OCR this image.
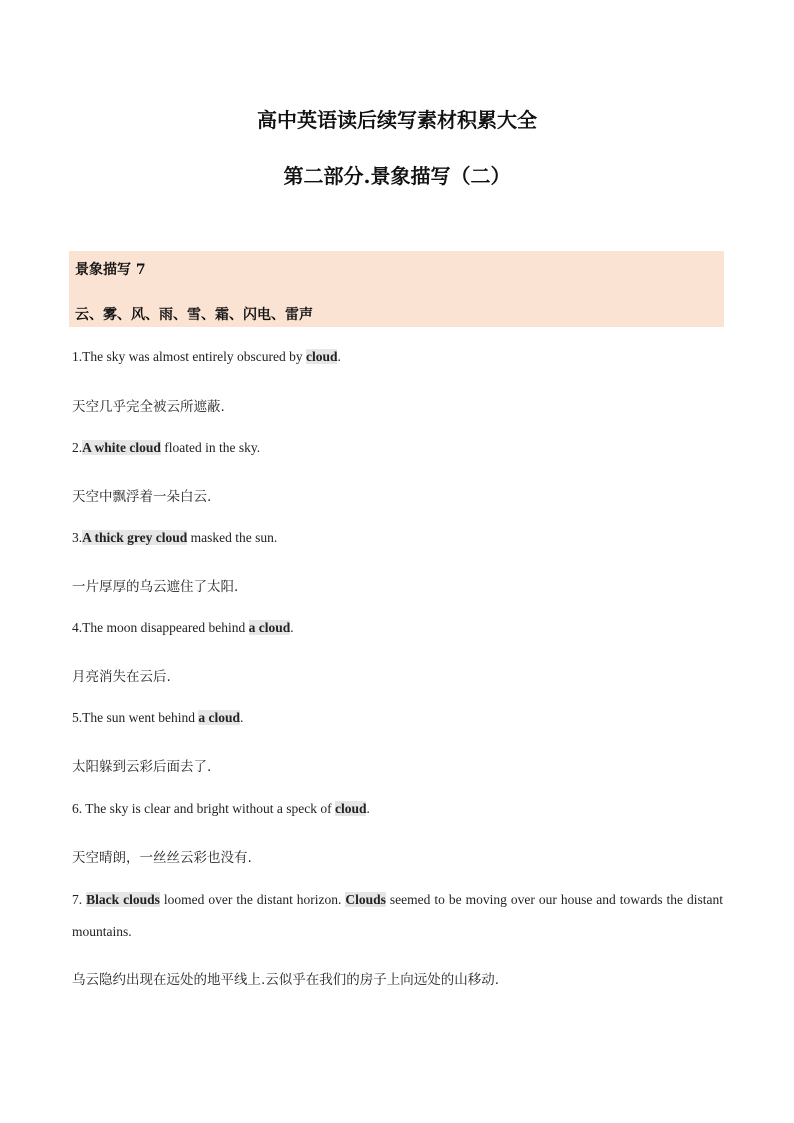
高中英语读后续写素材积累大全
第二部分.景象描写（二）

景象描写 7

云、雾、风、雨、雪、霜、闪电、雷声

1.The sky was almost entirely obscured by cloud.

天空几乎完全被云所遮蔽.

2.A white cloud floated in the sky.

天空中飘浮着一朵白云.

3.A thick grey cloud masked the sun.

一片厚厚的乌云遮住了太阳.

4.The moon disappeared behind a cloud.

月亮消失在云后.

5.The sun went behind a cloud.

太阳躲到云彩后面去了.

6. The sky is clear and bright without a speck of cloud.

天空晴朗，一丝丝云彩也没有.

7. Black clouds loomed over the distant horizon. Clouds seemed to be moving over our house and towards the distant mountains.

乌云隐约出现在远处的地平线上.云似乎在我们的房子上向远处的山移动.
